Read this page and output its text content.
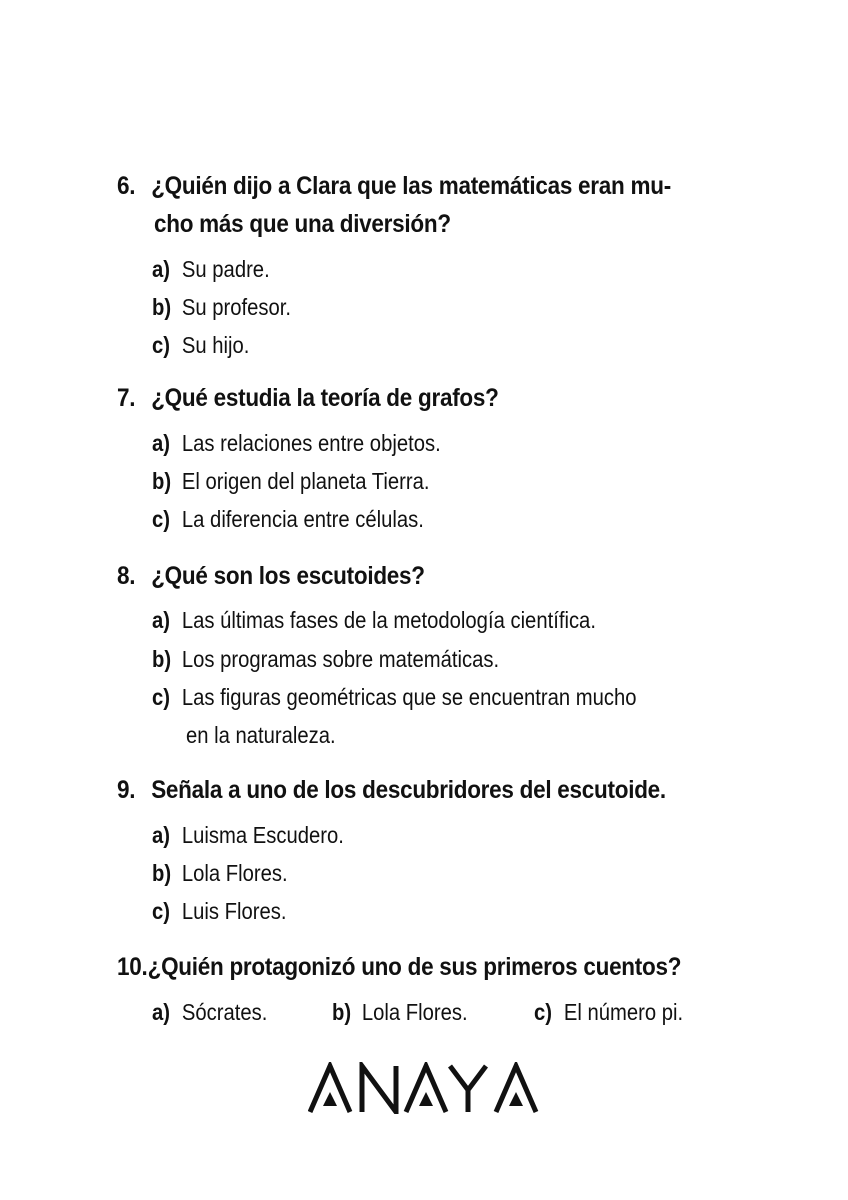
6. ¿Quién dijo a Clara que las matemáticas eran mu-
cho más que una diversión?
a) Su padre.
b) Su profesor.
c) Su hijo.
7. ¿Qué estudia la teoría de grafos?
a) Las relaciones entre objetos.
b) El origen del planeta Tierra.
c) La diferencia entre células.
8. ¿Qué son los escutoides?
a) Las últimas fases de la metodología científica.
b) Los programas sobre matemáticas.
c) Las figuras geométricas que se encuentran mucho
en la naturaleza.
9. Señala a uno de los descubridores del escutoide.
a) Luisma Escudero.
b) Lola Flores.
c) Luis Flores.
10.¿Quién protagonizó uno de sus primeros cuentos?
a) Sócrates.	b) Lola Flores.	c) El número pi.
